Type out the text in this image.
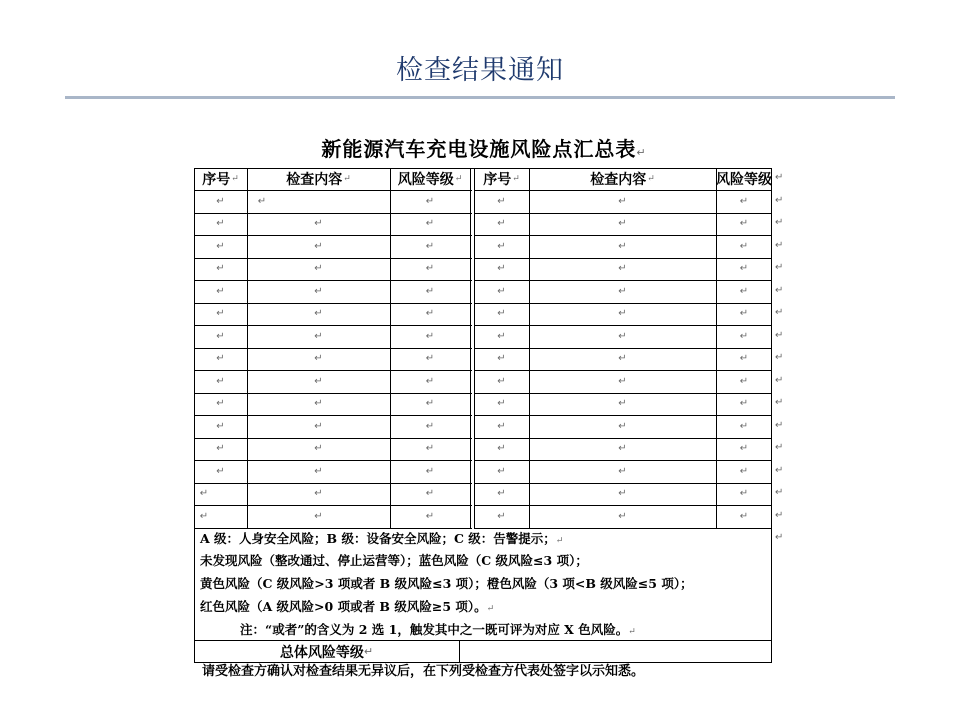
检查结果通知
新能源汽车充电设施风险点汇总表↵
序号 ↵	检查内容 ↵	风险等级 ↵ 序号 ↵	检查内容 ↵	风险等级
↵	↵	↵	↵	↵	↵
↵	↵	↵	↵	↵	↵
↵	↵	↵	↵	↵	↵
↵	↵	↵	↵	↵	↵
↵	↵	↵	↵	↵	↵
↵	↵	↵	↵	↵	↵
↵	↵	↵	↵	↵	↵
↵	↵	↵	↵	↵	↵
↵	↵	↵	↵	↵	↵
↵	↵	↵	↵	↵	↵
↵	↵	↵	↵	↵	↵
↵	↵	↵	↵	↵	↵
↵	↵	↵	↵	↵	↵
↵	↵	↵	↵	↵	↵
↵	↵	↵	↵	↵	↵
A 级：人身安全风险；B 级：设备安全风险；C 级：告警提示；↵
未发现风险（整改通过、停止运营等）；蓝色风险（C 级风险≤3 项）；
黄色风险（C 级风险>3 项或者 B 级风险≤3 项）；橙色风险（3 项<B 级风险≤5 项）；
红色风险（A 级风险>0 项或者 B 级风险≥5 项）。↵
注：“或者”的含义为 2 选 1，触发其中之一既可评为对应 X 色风险。↵
总体风险等级 ↵
请受检查方确认对检查结果无异议后，在下列受检查方代表处签字以示知悉。
↵
↵
↵
↵
↵
↵
↵
↵
↵
↵
↵
↵
↵
↵
↵
↵
↵
